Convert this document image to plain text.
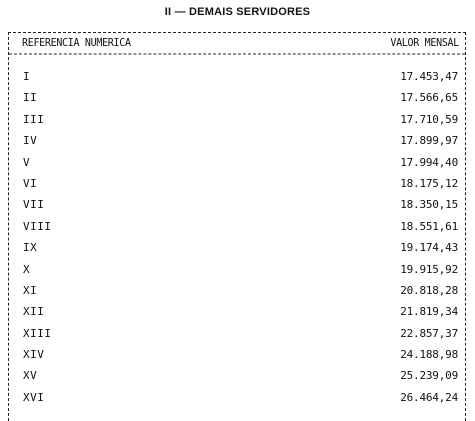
II — DEMAIS SERVIDORES
REFERENCIA NUMERICA	VALOR MENSAL
I	17.453,47
II	17.566,65
III	17.710,59
IV	17.899,97
V	17.994,40
VI	18.175,12
VII	18.350,15
VIII	18.551,61
IX	19.174,43
X	19.915,92
XI	20.818,28
XII	21.819,34
XIII	22.857,37
XIV	24.188,98
XV	25.239,09
XVI	26.464,24
